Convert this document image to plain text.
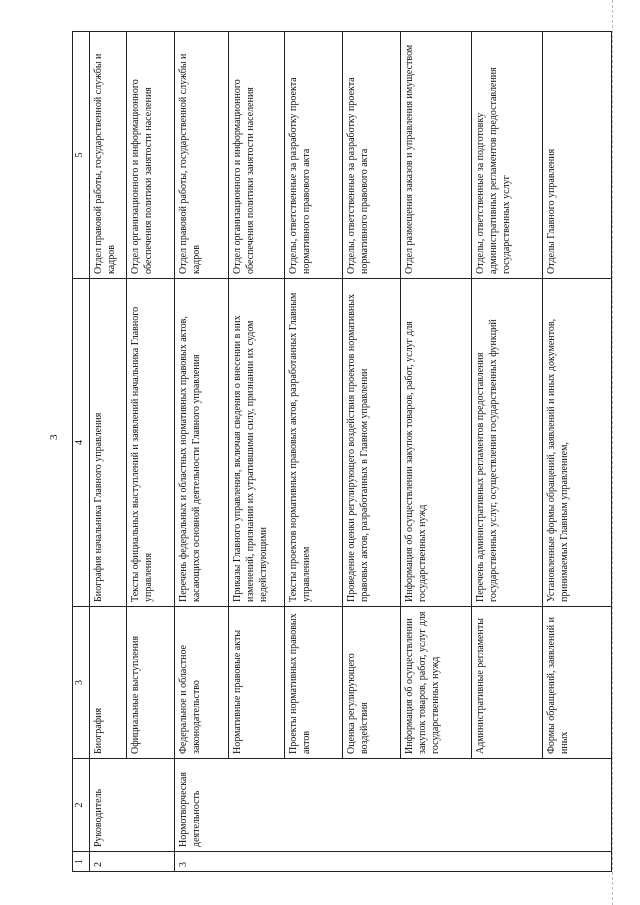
3
1	2	3	4	5
2	Руководитель	Биография	Биография начальника Главного управления	Отдел правовой работы, государственной службы и кадров
		Официальные выступления	Тексты официальных выступлений и заявлений начальника Главного управления	Отдел организационного и информационного обеспечения политики занятости населения
3	Нормотворческая деятельность	Федеральное и областное законодательство	Перечень федеральных и областных нормативных правовых актов, касающихся основной деятельности Главного управления	Отдел правовой работы, государственной службы и кадров
		Нормативные правовые акты	Приказы Главного управления, включая сведения о внесении в них изменений, признании их утратившими силу, признании их судом недействующими	Отдел организационного и информационного обеспечения политики занятости населения
		Проекты нормативных правовых актов	Тексты проектов нормативных правовых актов, разработанных Главным управлением	Отделы, ответственные за разработку проекта нормативного правового акта
		Оценка регулирующего воздействия	Проведение оценки регулирующего воздействия проектов нормативных правовых актов, разработанных в Главном управлении	Отделы, ответственные за разработку проекта нормативного правового акта
		Информация об осуществлении закупок товаров, работ, услуг для государственных нужд	Информация об осуществлении закупок товаров, работ, услуг для государственных нужд	Отдел размещения заказов и управления имуществом
		Административные регламенты	Перечень административных регламентов предоставления государственных услуг, осуществления государственных функций	Отделы, ответственные за подготовку административных регламентов предоставления государственных услуг
		Формы обращений, заявлений и иных	Установленные формы обращений, заявлений и иных документов, принимаемых Главным управлением,	Отделы Главного управления
